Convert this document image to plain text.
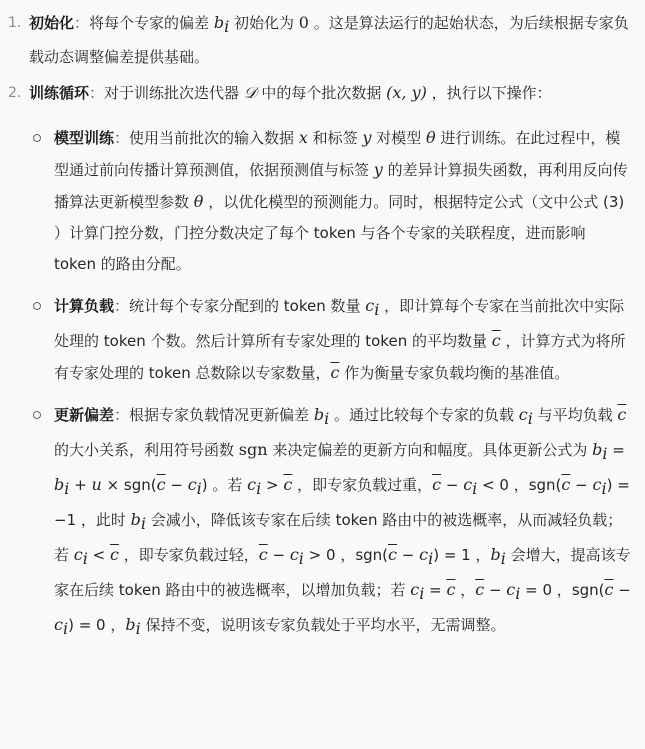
1. 初始化：将每个专家的偏差 $b_i$ 初始化为 0 。这是算法运行的起始状态，为后续根据专家负载动态调整偏差提供基础。
2. 训练循环：对于训练批次迭代器 𝒟 中的每个批次数据 (x, y) ，执行以下操作：
模型训练：使用当前批次的输入数据 x 和标签 y 对模型 θ 进行训练。在此过程中，模型通过前向传播计算预测值，依据预测值与标签 y 的差异计算损失函数，再利用反向传播算法更新模型参数 θ ，以优化模型的预测能力。同时，根据特定公式（文中公式 (3) ）计算门控分数，门控分数决定了每个 token 与各个专家的关联程度，进而影响 token 的路由分配。
计算负载：统计每个专家分配到的 token 数量 $c_i$ ，即计算每个专家在当前批次中实际处理的 token 个数。然后计算所有专家处理的 token 的平均数量 $\overline{c}$ ，计算方式为将所有专家处理的 token 总数除以专家数量，$\overline{c}$ 作为衡量专家负载均衡的基准值。
更新偏差：根据专家负载情况更新偏差 $b_i$ 。通过比较每个专家的负载 $c_i$ 与平均负载 $\overline{c}$ 的大小关系，利用符号函数 sgn 来决定偏差的更新方向和幅度。具体更新公式为 $b_i = b_i + u \times sgn(\overline{c} - c_i)$ 。若 $c_i > \overline{c}$ ，即专家负载过重，$\overline{c} - c_i < 0$ ，$sgn(\overline{c} - c_i) = -1$ ，此时 $b_i$ 会减小，降低该专家在后续 token 路由中的被选概率，从而减轻负载；若 $c_i < \overline{c}$ ，即专家负载过轻，$\overline{c} - c_i > 0$ ，$sgn(\overline{c} - c_i) = 1$ ，$b_i$ 会增大，提高该专家在后续 token 路由中的被选概率，以增加负载；若 $c_i = \overline{c}$ ，$\overline{c} - c_i = 0$ ，$sgn(\overline{c} - c_i) = 0$ ，$b_i$ 保持不变，说明该专家负载处于平均水平，无需调整。
